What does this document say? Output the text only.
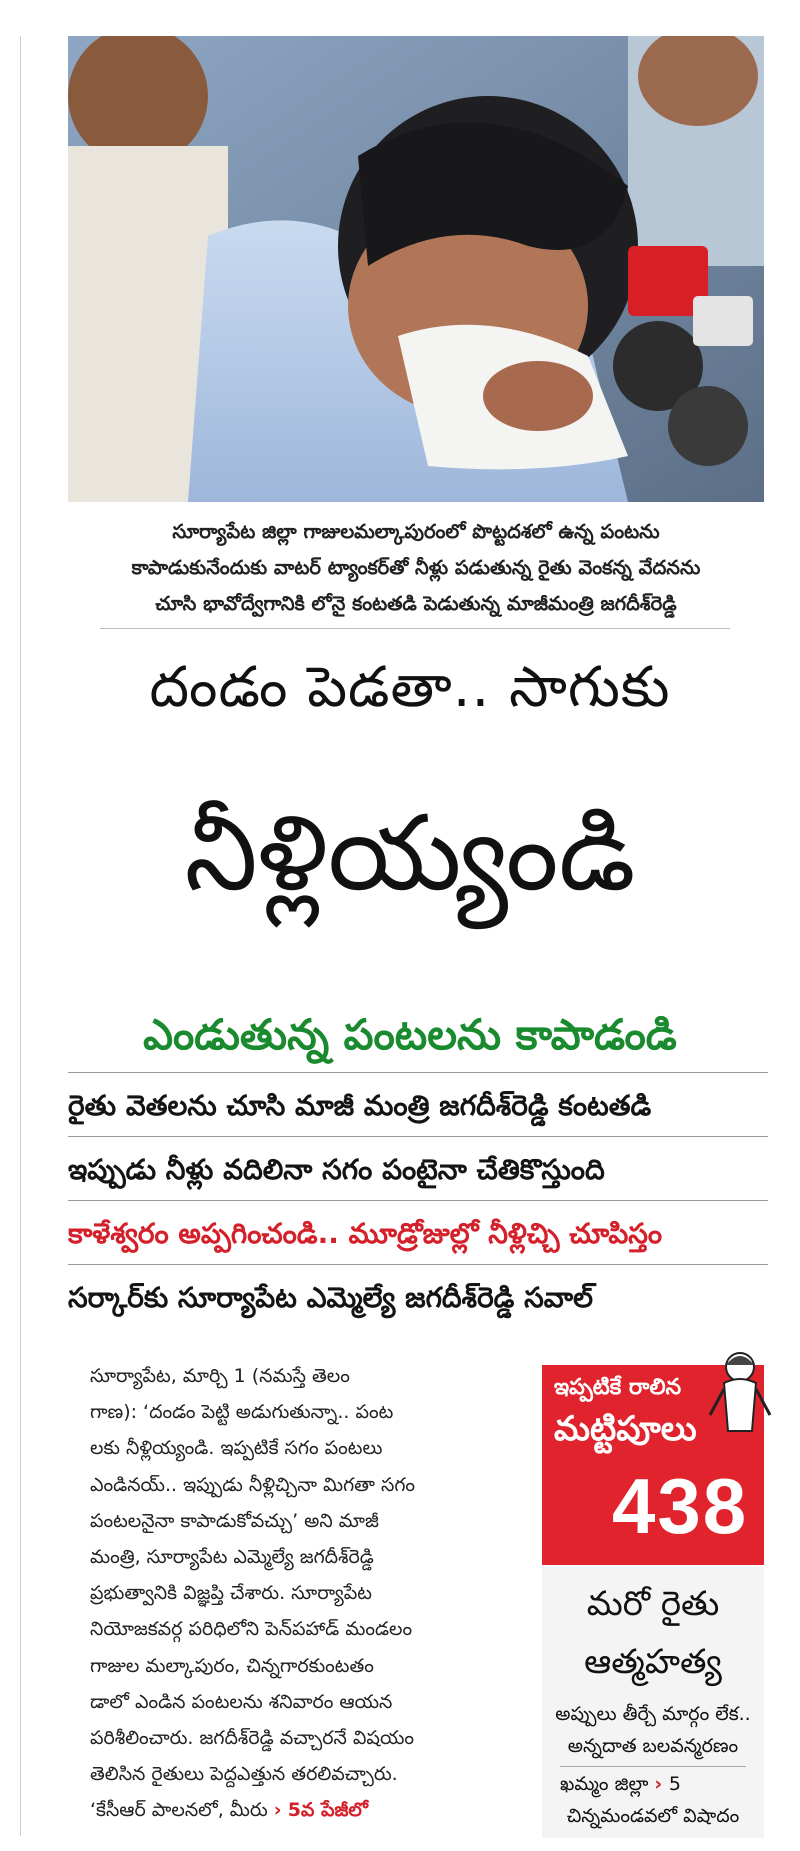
సూర్యాపేట జిల్లా గాజులమల్కాపురంలో పొట్టదశలో ఉన్న పంటను
కాపాడుకునేందుకు వాటర్‌ ట్యాంకర్‌తో నీళ్లు పడుతున్న రైతు వెంకన్న వేదనను
చూసి భావోద్వేగానికి లోనై కంటతడి పెడుతున్న మాజీమంత్రి జగదీశ్‌రెడ్డి
దండం పెడతా.. సాగుకు
నీళ్లియ్యండి
ఎండుతున్న పంటలను కాపాడండి
రైతు వెతలను చూసి మాజీ మంత్రి జగదీశ్‌రెడ్డి కంటతడి
ఇప్పుడు నీళ్లు వదిలినా సగం పంటైనా చేతికొస్తుంది
కాళేశ్వరం అప్పగించండి.. మూడ్రోజుల్లో నీళ్లిచ్చి చూపిస్తం
సర్కార్‌కు సూర్యాపేట ఎమ్మెల్యే జగదీశ్‌రెడ్డి సవాల్‌
సూర్యాపేట, మార్చి 1 (నమస్తే తెలం
గాణ): ‘దండం పెట్టి అడుగుతున్నా.. పంట
లకు నీళ్లియ్యండి. ఇప్పటికే సగం పంటలు
ఎండినయ్‌.. ఇప్పుడు నీళ్లిచ్చినా మిగతా సగం
పంటలనైనా కాపాడుకోవచ్చు’ అని మాజీ
మంత్రి, సూర్యాపేట ఎమ్మెల్యే జగదీశ్‌రెడ్డి
ప్రభుత్వానికి విజ్ఞప్తి చేశారు. సూర్యాపేట
నియోజకవర్గ పరిధిలోని పెన్‌పహాడ్‌ మండలం
గాజుల మల్కాపురం, చిన్నగారకుంటతం
డాలో ఎండిన పంటలను శనివారం ఆయన
పరిశీలించారు. జగదీశ్‌రెడ్డి వచ్చారనే విషయం
తెలిసిన రైతులు పెద్దఎత్తున తరలివచ్చారు.
‘కేసీఆర్‌ పాలనలో, మీరు › 5వ పేజీలో
ఇప్పటికే రాలిన
మట్టిపూలు
438
మరో రైతు
ఆత్మహత్య
అప్పులు తీర్చే మార్గం లేక..
అన్నదాత బలవన్మరణం
ఖమ్మం జిల్లా › 5
చిన్నమండవలో విషాదం
